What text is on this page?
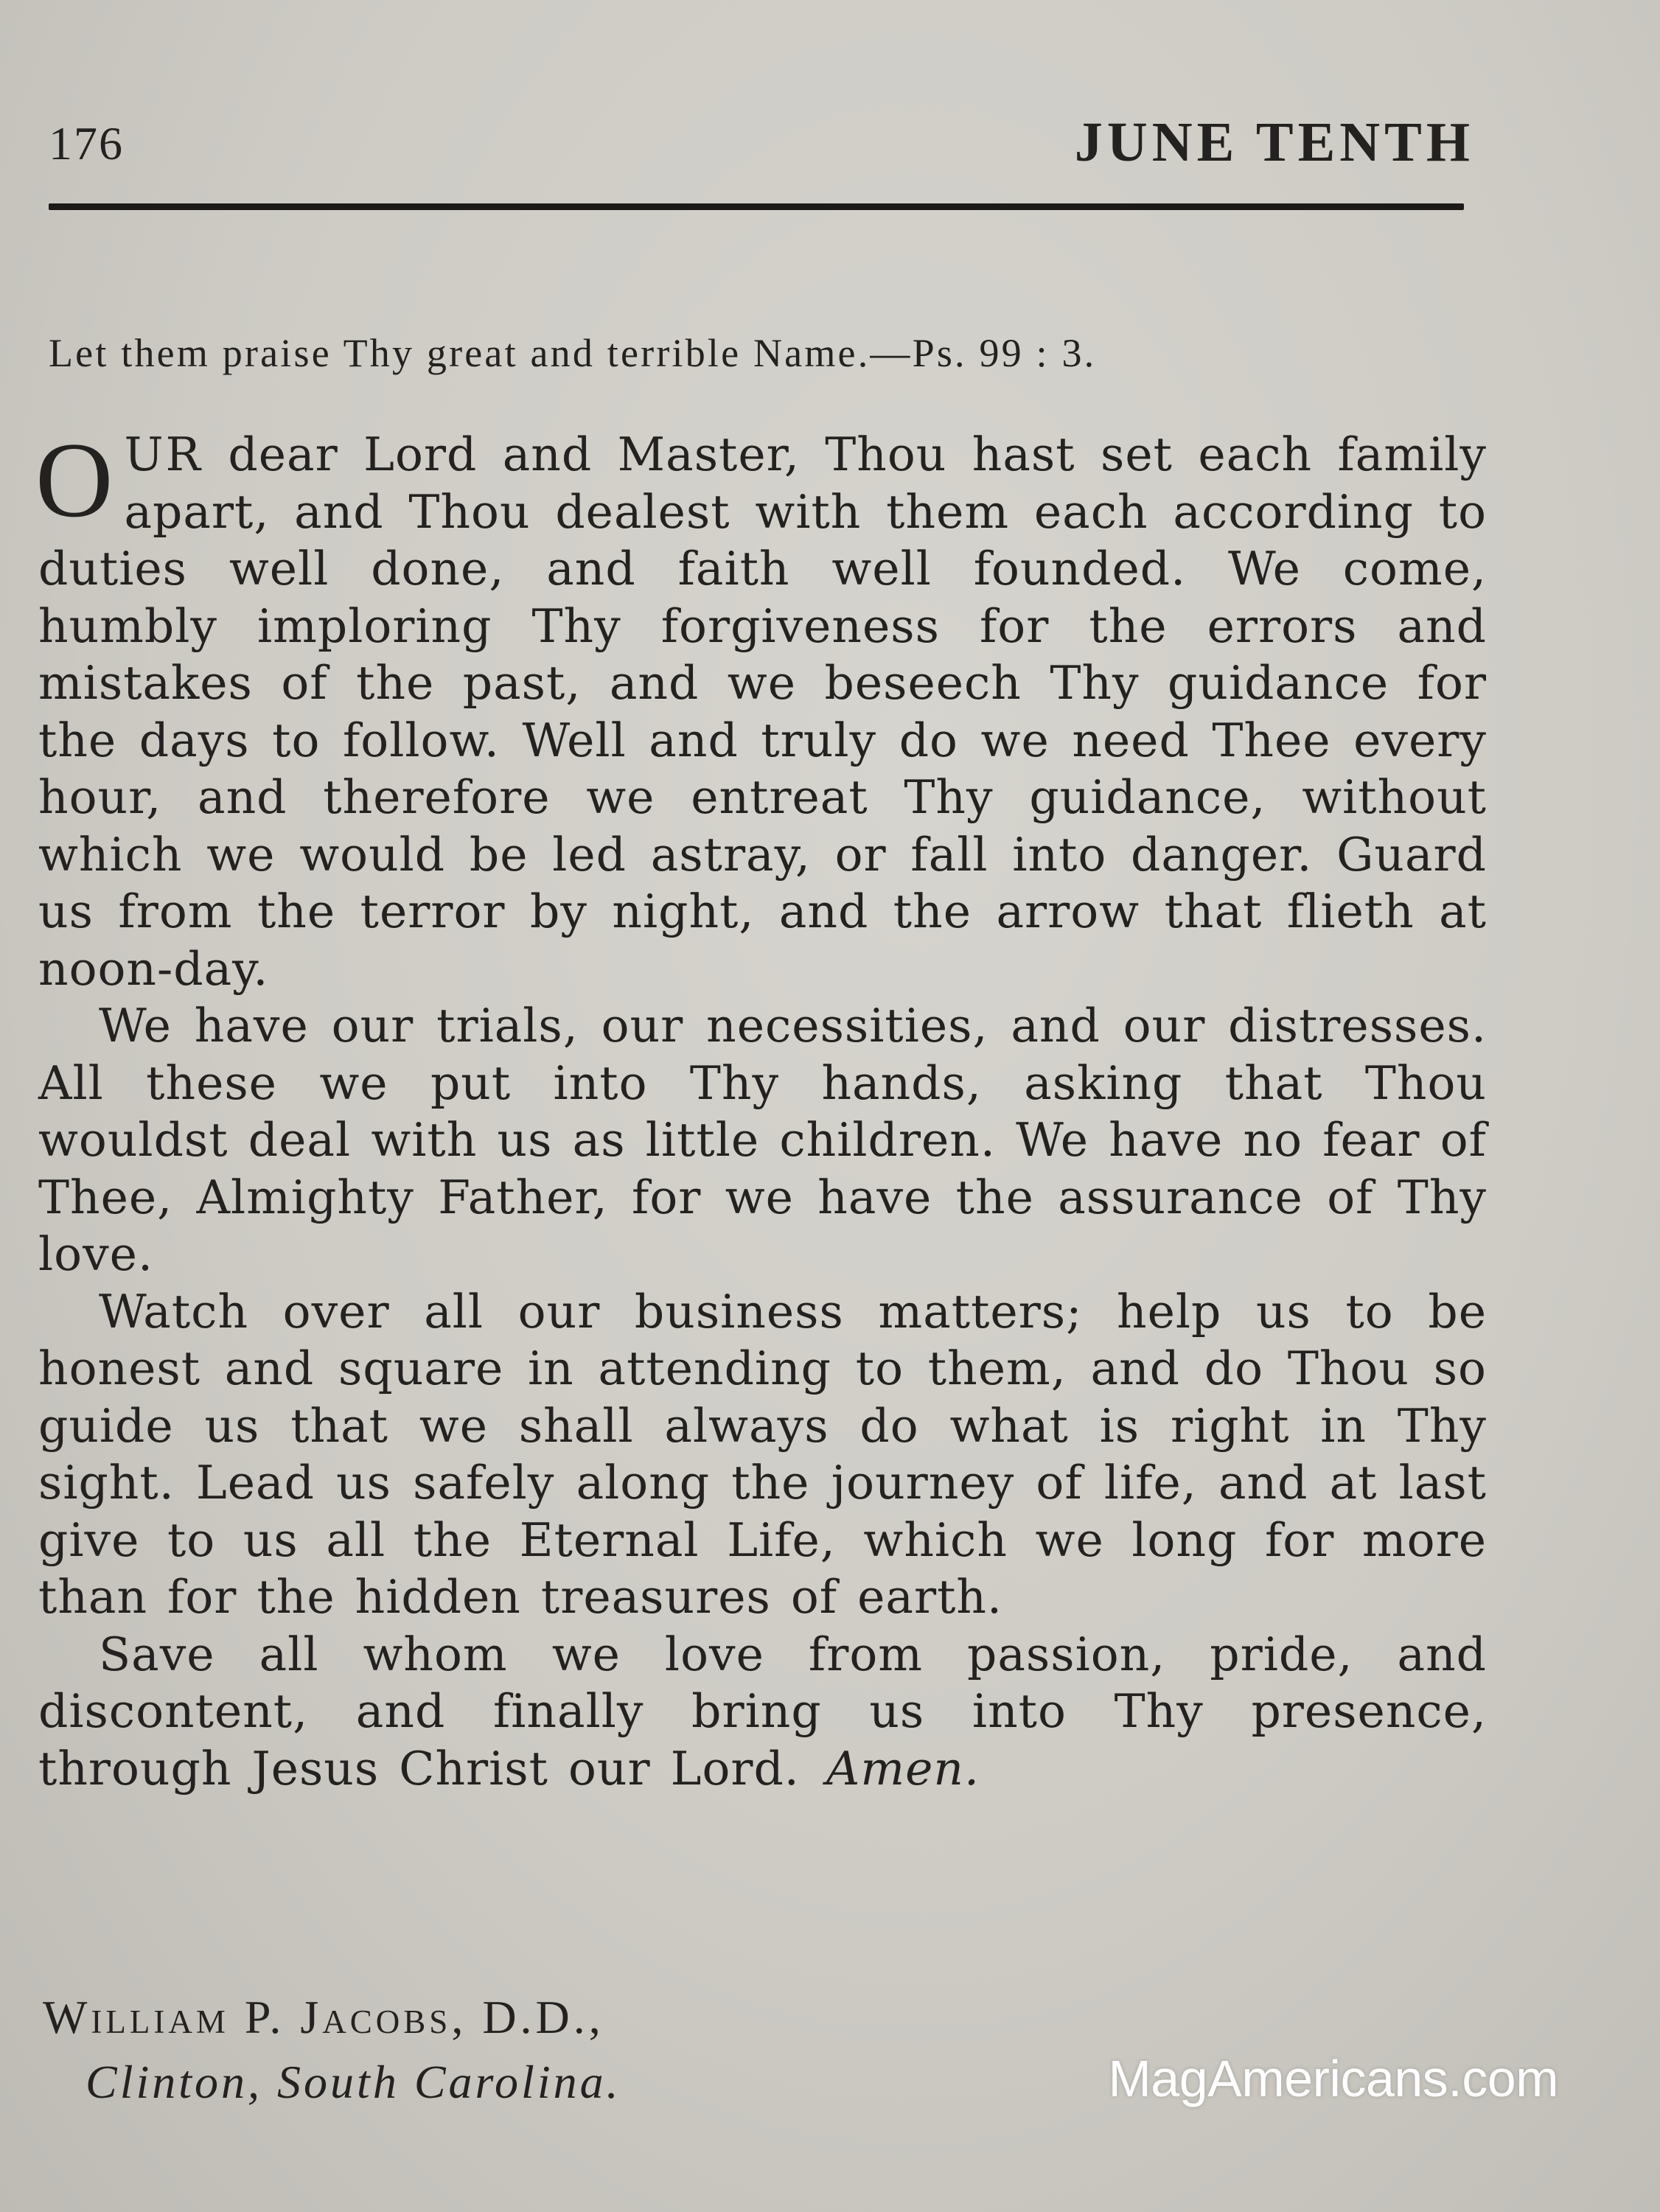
176	JUNE TENTH
Let them praise Thy great and terrible Name.—Ps. 99 : 3.

OUR dear Lord and Master, Thou hast set each family apart, and Thou dealest with them each according to duties well done, and faith well founded. We come, humbly imploring Thy forgiveness for the errors and mistakes of the past, and we beseech Thy guidance for the days to follow. Well and truly do we need Thee every hour, and therefore we entreat Thy guidance, without which we would be led astray, or fall into danger. Guard us from the terror by night, and the arrow that flieth at noon-day.

We have our trials, our necessities, and our distresses. All these we put into Thy hands, asking that Thou wouldst deal with us as little children. We have no fear of Thee, Almighty Father, for we have the assurance of Thy love.

Watch over all our business matters; help us to be honest and square in attending to them, and do Thou so guide us that we shall always do what is right in Thy sight. Lead us safely along the journey of life, and at last give to us all the Eternal Life, which we long for more than for the hidden treasures of earth.

Save all whom we love from passion, pride, and discontent, and finally bring us into Thy presence, through Jesus Christ our Lord. Amen.

William P. Jacobs, D.D.,
Clinton, South Carolina.	MagAmericans.com
